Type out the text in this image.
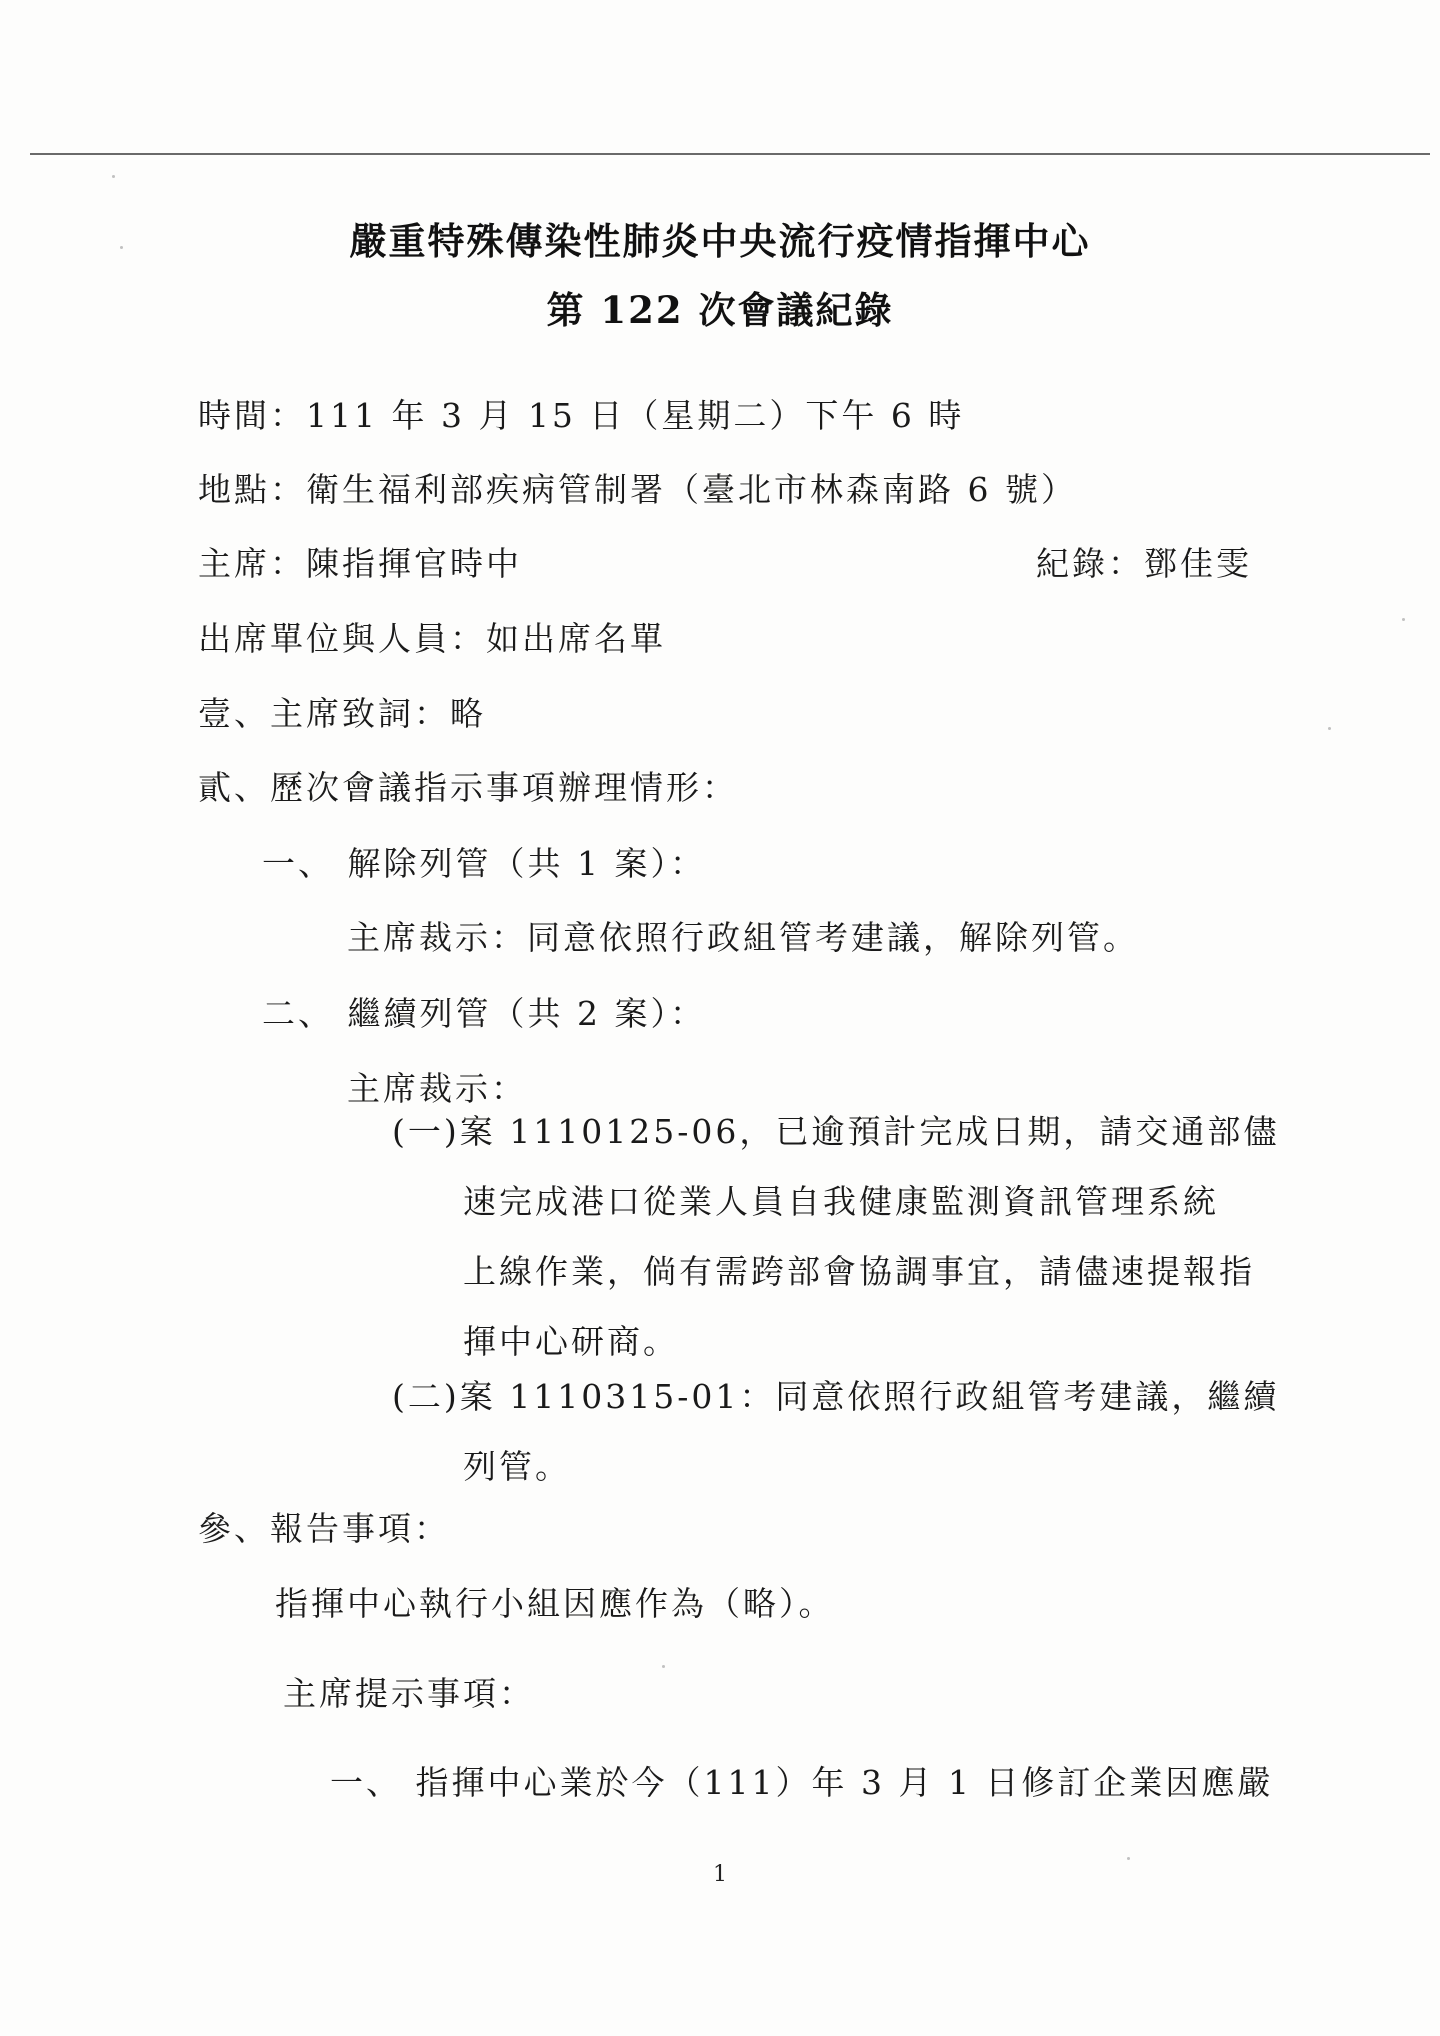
嚴重特殊傳染性肺炎中央流行疫情指揮中心
第 122 次會議紀錄
時間：111 年 3 月 15 日（星期二）下午 6 時
地點：衛生福利部疾病管制署（臺北市林森南路 6 號）
主席：陳指揮官時中	紀錄：鄧佳雯
出席單位與人員：如出席名單
壹、主席致詞：略
貳、歷次會議指示事項辦理情形：
一、 解除列管（共 1 案）：
主席裁示：同意依照行政組管考建議，解除列管。
二、 繼續列管（共 2 案）：
主席裁示：
(一)案 1110125-06，已逾預計完成日期，請交通部儘
速完成港口從業人員自我健康監測資訊管理系統
上線作業，倘有需跨部會協調事宜，請儘速提報指
揮中心研商。
(二)案 1110315-01：同意依照行政組管考建議，繼續
列管。
參、報告事項：
指揮中心執行小組因應作為（略）。
主席提示事項：
一、 指揮中心業於今（111）年 3 月 1 日修訂企業因應嚴
1
